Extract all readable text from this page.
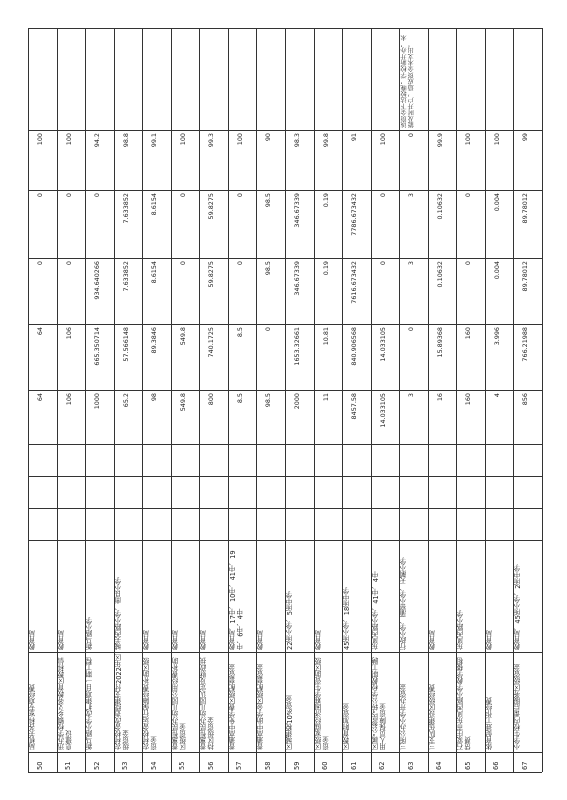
50
局机关各科室专项经费
教育局
64
64
0
0
100
51
迅办学校镇乡义务教育区教科信息建设
教育局
106
106
0
0
100
52
新马路小学改扩建项目一期工程
新马路小学
1000
665.350714
934.640266
0
94.2
53
农村校舍改造续建支付2022年区级资金
城关西路小学、南良小学
65.2
57.566148
7.633852
7.633852
98.8
54
农村校舍运行保障经费补助区级资金
教育局
98
89.3846
8.6154
8.6154
99.1
55
普惠性民办幼儿园公用经费补助区级资金
教育局
549.8
549.8
0
0
100
56
普惠性民办幼儿园认定及财政扶持区级资金
教育局
800
740.1725
59.8275
59.8275
99.3
57
普通高中免学费区级配套资金
教育局、17中、10中、41中、19中、6中、4中
8.5
8.5
0
0
100
58
普通高中助学金区级配套资金
教育局
98.5
0
98.5
98.5
90
59
区城建税10%资金
22所小学、5所中学
2000
1653.32661
346.67339
346.67339
98.3
60
区级家庭经济困难学生资助区级资金
教育局
11
10.81
0.19
0.19
99.8
61
区教育附加资金
45所小学、18所中学
8457.58
840.906568
7616.673432
7786.673432
91
62
区属“公参民”转公学校教职工聘用人员保障资金
东风西路小学、41中、4中
14.033105
14.033105
0
0
100
63
三所公办小学开办资金
行政小学、蒲窑小学、天鹅小学
3
0
3
3
0
该资金下达较晚，学校新开办，未能及时开户，造成资金未支出。
64
三支队伍建设区级经费
教育局
16
15.89368
0.10632
0.10632
99.9
65
石家庄市东风西路小学教学楼租赁费
东风西路小学
160
160
0
0
100
66
体育促进工作经费
教育局
4
3.996
0.004
0.004
100
67
小学生校内课后服务区级资金
教育局、45所小学、2所中学
856
766.21988
89.78012
89.78012
99
